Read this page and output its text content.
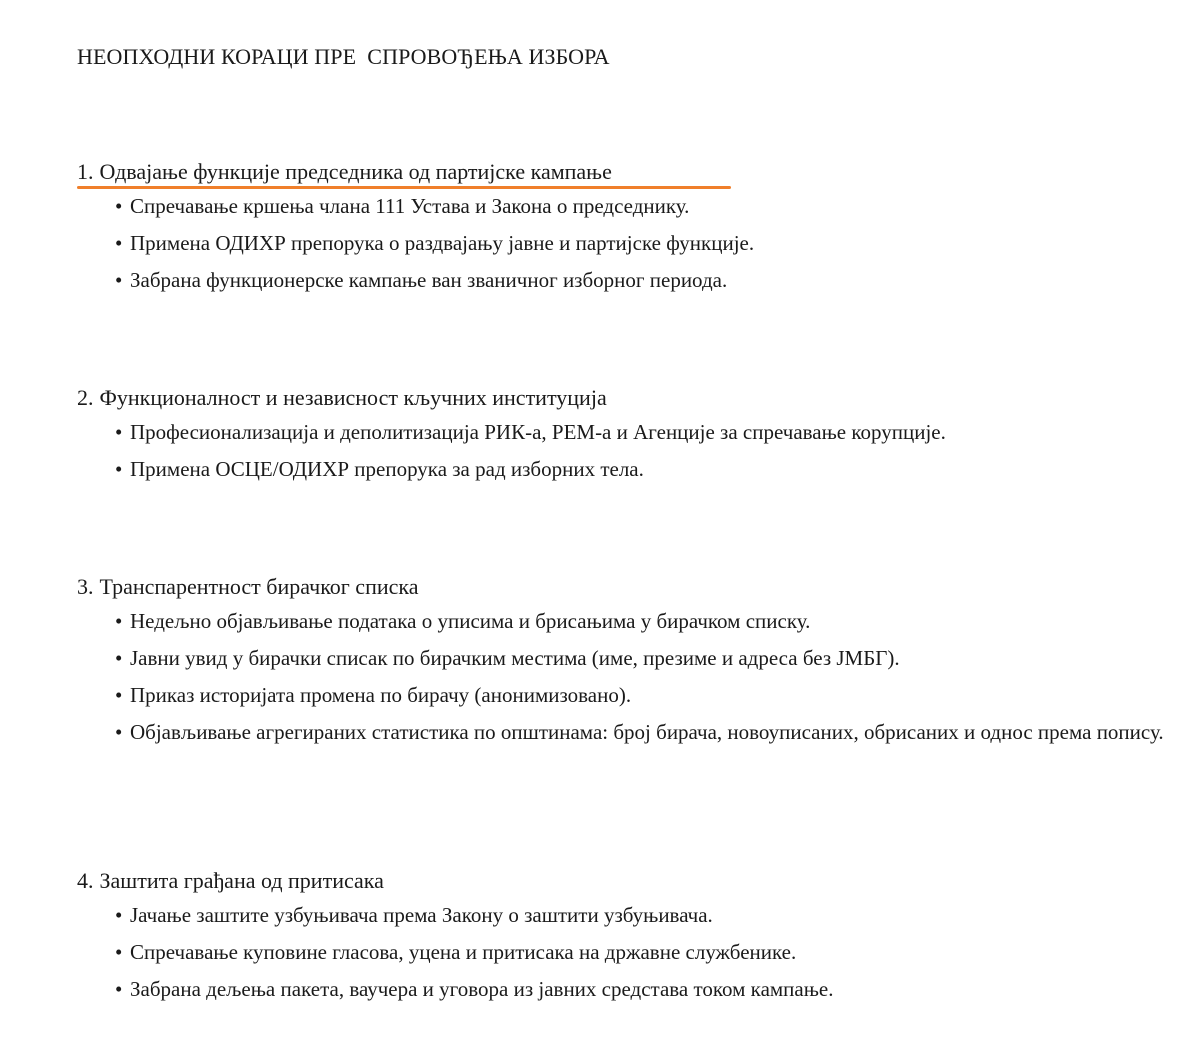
НЕОПХОДНИ КОРАЦИ ПРЕ  СПРОВОЂЕЊА ИЗБОРА
1. Одвајање функције председника од партијске кампање
• Спречавање кршења члана 111 Устава и Закона о председнику.
• Примена ОДИХР препорука о раздвајању јавне и партијске функције.
• Забрана функционерске кампање ван званичног изборног периода.
2. Функционалност и независност кључних институција
• Професионализација и деполитизација РИК-а, РЕМ-а и Агенције за спречавање корупције.
• Примена ОСЦЕ/ОДИХР препорука за рад изборних тела.
3. Транспарентност бирачког списка
• Недељно објављивање података о уписима и брисањима у бирачком списку.
• Јавни увид у бирачки списак по бирачким местима (име, презиме и адреса без ЈМБГ).
• Приказ историјата промена по бирачу (анонимизовано).
• Објављивање агрегираних статистика по општинама: број бирача, новоуписаних, обрисаних и однос према попису.
4. Заштита грађана од притисака
• Јачање заштите узбуњивача према Закону о заштити узбуњивача.
• Спречавање куповине гласова, уцена и притисака на државне службенике.
• Забрана дељења пакета, ваучера и уговора из јавних средстава током кампање.
